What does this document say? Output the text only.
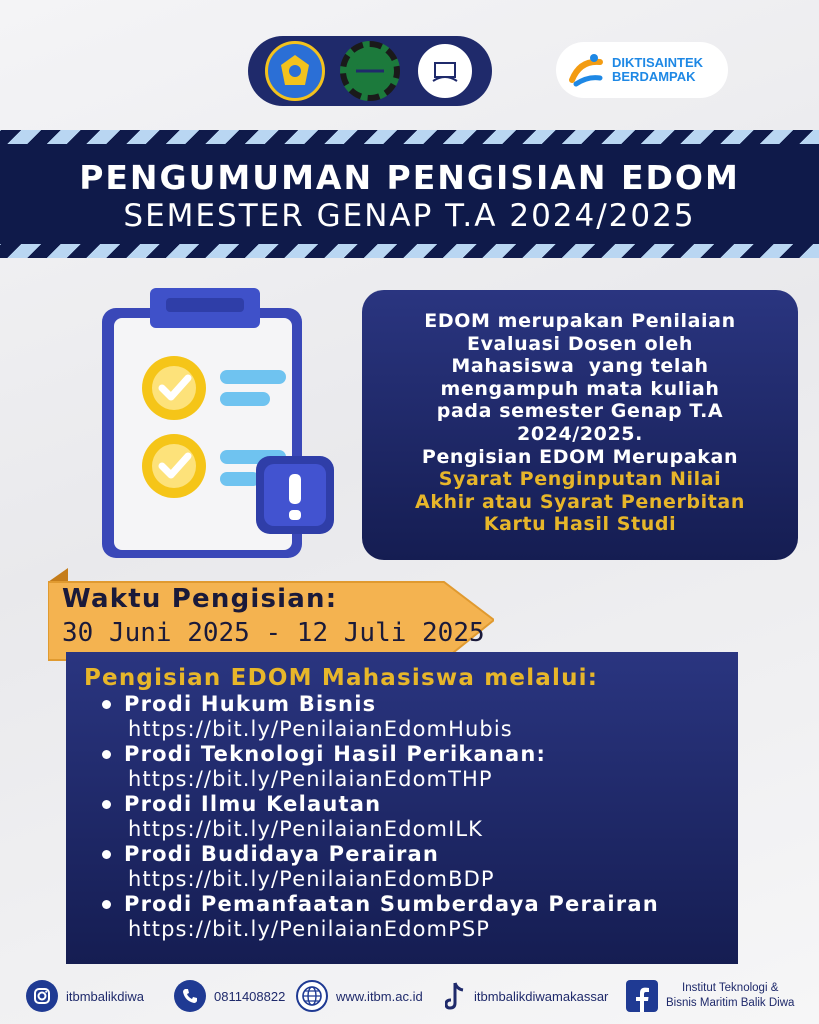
DIKTISAINTEK
BERDAMPAK
PENGUMUMAN PENGISIAN EDOM
SEMESTER GENAP T.A 2024/2025
EDOM merupakan Penilaian
Evaluasi Dosen oleh
Mahasiswa  yang telah
mengampuh mata kuliah
pada semester Genap T.A
2024/2025.
Pengisian EDOM Merupakan
Syarat Penginputan Nilai
Akhir atau Syarat Penerbitan
Kartu Hasil Studi
Waktu Pengisian:
30 Juni 2025 - 12 Juli 2025
Pengisian EDOM Mahasiswa melalui:
Prodi Hukum Bisnis
https://bit.ly/PenilaianEdomHubis
Prodi Teknologi Hasil Perikanan:
https://bit.ly/PenilaianEdomTHP
Prodi Ilmu Kelautan
https://bit.ly/PenilaianEdomILK
Prodi Budidaya Perairan
https://bit.ly/PenilaianEdomBDP
Prodi Pemanfaatan Sumberdaya Perairan
https://bit.ly/PenilaianEdomPSP
itbmbalikdiwa	0811408822	www.itbm.ac.id	itbmbalikdiwamakassar
Institut Teknologi &
Bisnis Maritim Balik Diwa
